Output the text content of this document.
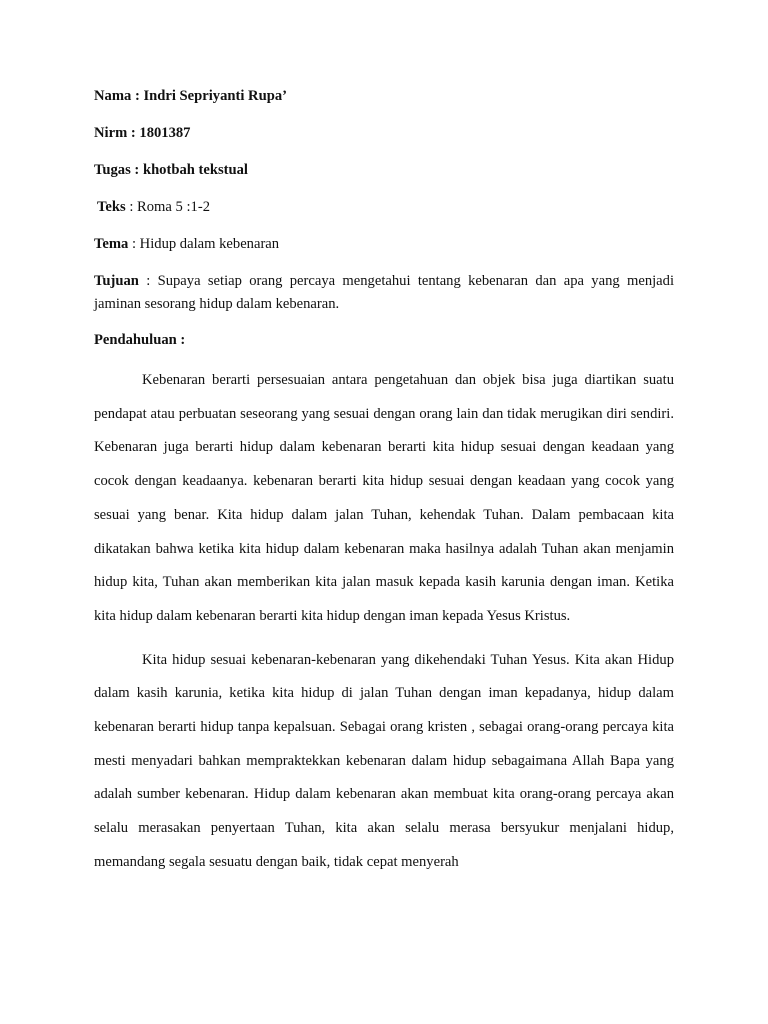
Nama : Indri Sepriyanti Rupa’

Nirm : 1801387

Tugas : khotbah tekstual

Teks : Roma 5 :1-2

Tema : Hidup dalam kebenaran

Tujuan : Supaya setiap orang percaya mengetahui tentang kebenaran dan apa yang menjadi jaminan sesorang hidup dalam kebenaran.

Pendahuluan :

Kebenaran berarti persesuaian antara pengetahuan dan objek bisa juga diartikan suatu pendapat atau perbuatan seseorang yang sesuai dengan orang lain dan tidak merugikan diri sendiri. Kebenaran juga berarti hidup dalam kebenaran berarti kita hidup sesuai dengan keadaan yang cocok dengan keadaanya. kebenaran berarti kita hidup sesuai dengan keadaan yang cocok yang sesuai yang benar. Kita hidup dalam jalan Tuhan, kehendak Tuhan. Dalam pembacaan kita dikatakan bahwa ketika kita hidup dalam kebenaran maka hasilnya adalah Tuhan akan menjamin hidup kita, Tuhan akan memberikan kita jalan masuk kepada kasih karunia dengan iman. Ketika kita hidup dalam kebenaran berarti kita hidup dengan iman kepada Yesus Kristus.

Kita hidup sesuai kebenaran-kebenaran yang dikehendaki Tuhan Yesus. Kita akan Hidup dalam kasih karunia, ketika kita hidup di jalan Tuhan dengan iman kepadanya, hidup dalam kebenaran berarti hidup tanpa kepalsuan. Sebagai orang kristen , sebagai orang-orang percaya kita mesti menyadari bahkan mempraktekkan kebenaran dalam hidup sebagaimana Allah Bapa yang adalah sumber kebenaran. Hidup dalam kebenaran akan membuat kita orang-orang percaya akan selalu merasakan penyertaan Tuhan, kita akan selalu merasa bersyukur menjalani hidup, memandang segala sesuatu dengan baik, tidak cepat menyerah
